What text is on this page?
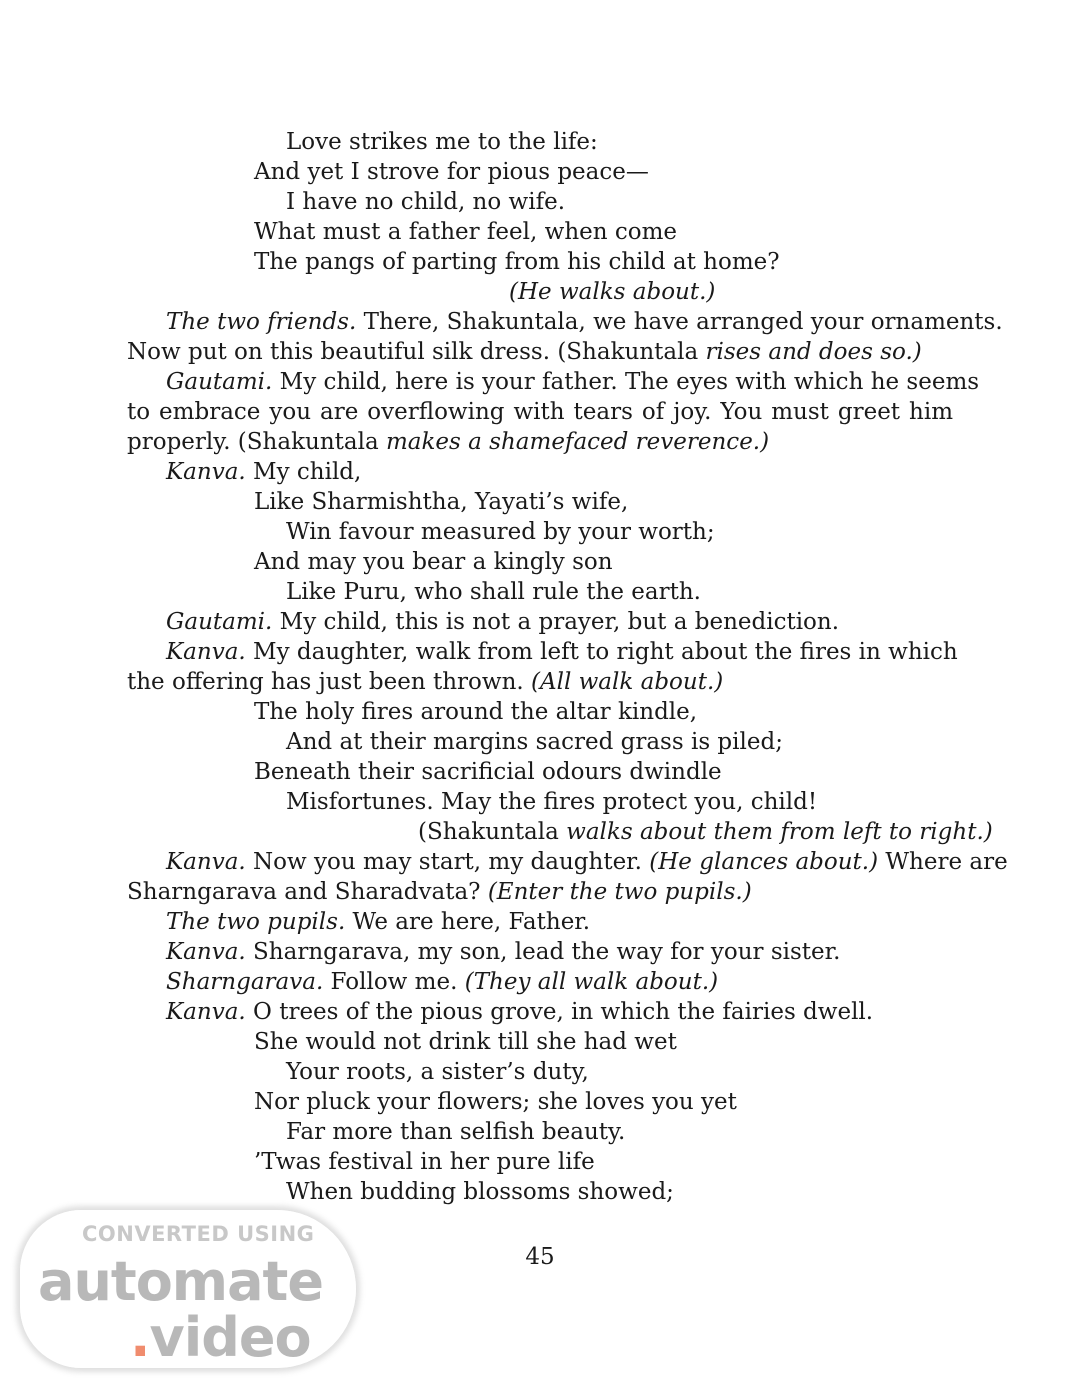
Love strikes me to the life:
And yet I strove for pious peace—
I have no child, no wife.
What must a father feel, when come
The pangs of parting from his child at home?
(He walks about.)
The two friends. There, Shakuntala, we have arranged your ornaments.
Now put on this beautiful silk dress. (Shakuntala rises and does so.)
Gautami. My child, here is your father. The eyes with which he seems
to embrace you are overflowing with tears of joy. You must greet him
properly. (Shakuntala makes a shamefaced reverence.)
Kanva. My child,
Like Sharmishtha, Yayati’s wife,
Win favour measured by your worth;
And may you bear a kingly son
Like Puru, who shall rule the earth.
Gautami. My child, this is not a prayer, but a benediction.
Kanva. My daughter, walk from left to right about the fires in which
the offering has just been thrown. (All walk about.)
The holy fires around the altar kindle,
And at their margins sacred grass is piled;
Beneath their sacrificial odours dwindle
Misfortunes. May the fires protect you, child!
(Shakuntala walks about them from left to right.)
Kanva. Now you may start, my daughter. (He glances about.) Where are
Sharngarava and Sharadvata? (Enter the two pupils.)
The two pupils. We are here, Father.
Kanva. Sharngarava, my son, lead the way for your sister.
Sharngarava. Follow me. (They all walk about.)
Kanva. O trees of the pious grove, in which the fairies dwell.
She would not drink till she had wet
Your roots, a sister’s duty,
Nor pluck your flowers; she loves you yet
Far more than selfish beauty.
’Twas festival in her pure life
When budding blossoms showed;
45
CONVERTED USING
automate
.video
